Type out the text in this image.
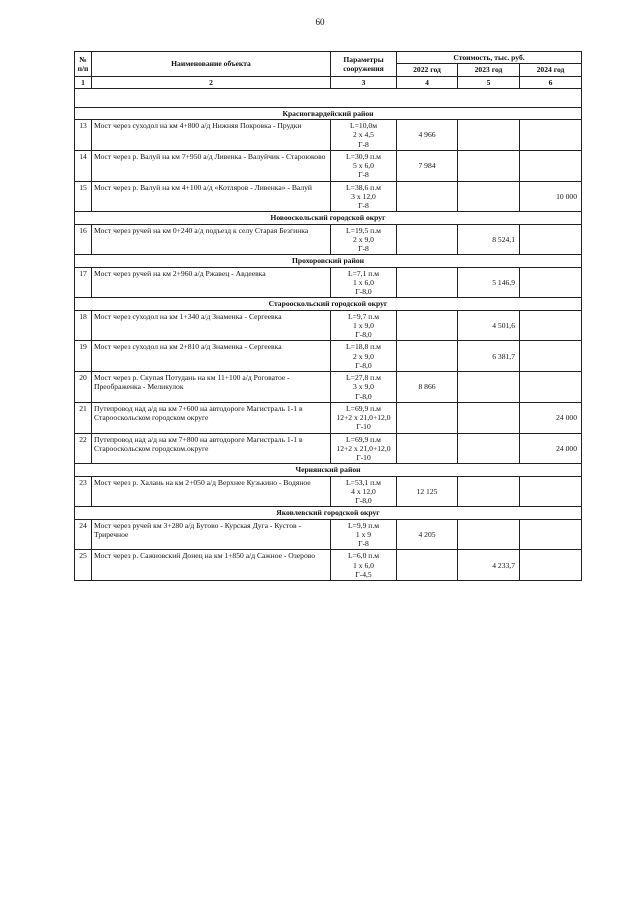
60
№
п/п	Наименование объекта	Параметры
сооружения	Стоимость, тыс. руб.		
			2022 год	2023 год	2024 год
1	2	3	4	5	6

Красногвардейский район					
13	Мост через суходол на км 4+800 а/д Нижняя Покровка - Прудки	L=10,0м
2 x 4,5
Г-8	4 966		
14	Мост через р. Валуй на км 7+950 а/д Ливенка - Валуйчик - Староюково	L=30,9 п.м
5 x 6,0
Г-8	7 984		
15	Мост через р. Валуй на км 4+100 а/д «Котляров - Ливенка» - Валуй	L=38,6 п.м
3 x 12,0
Г-8			10 000
Новооскольский городской округ					
16	Мост через ручей на км 0+240 а/д подъезд к селу Старая Безгинка	L=19,5 п.м
2 x 9,0
Г-8		8 524,1	
Прохоровский район					
17	Мост через ручей на км 2+960 а/д Ржавец - Авдеевка	L=7,1 п.м
1 x 6,0
Г-8,0		5 146,9	
Старооскольский городской округ					
18	Мост через суходол на км 1+340 а/д Знаменка - Сергеевка	L=9,7 п.м
1 x 9,0
Г-8,0		4 501,6	
19	Мост через суходол на км 2+810 а/д Знаменка - Сергеевка	L=18,8 п.м
2 x 9,0
Г-8,0		6 381,7	
20	Мост через р. Скупая Потудань на км 11+100 а/д Роговатое - Преображенка - Меликулок	L=27,8 п.м
3 x 9,0
Г-8,0	8 866		
21	Путепровод над а/д на км 7+600 на автодороге Магистраль 1-1 в Старооскольском городском округе	L=69,9 п.м
12+2 x 21,0+12,0
Г-10			24 000
22	Путепровод над а/д на км 7+800 на автодороге Магистраль 1-1 в Старооскольском городском.округе	L=69,9 п.м
12+2 x 21,0+12,0
Г-10			24 000
Чернянский район					
23	Мост через р. Халань на км 2+050 а/д Верхнее Кузькино - Водяное	L=53,1 п.м
4 x 12,0
Г-8,0	12 125		
Яковлевский городской округ					
24	Мост через ручей км 3+280 а/д Бутово - Курская Дуга - Кустов - Триречное	L=9,9 п.м
1 x 9
Г-8	4 205		
25	Мост через р. Сажновский Донец на км 1+850 а/д Сажное - Озерово	L=6,0 п.м
1 x 6,0
Г-4,5		4 233,7	
